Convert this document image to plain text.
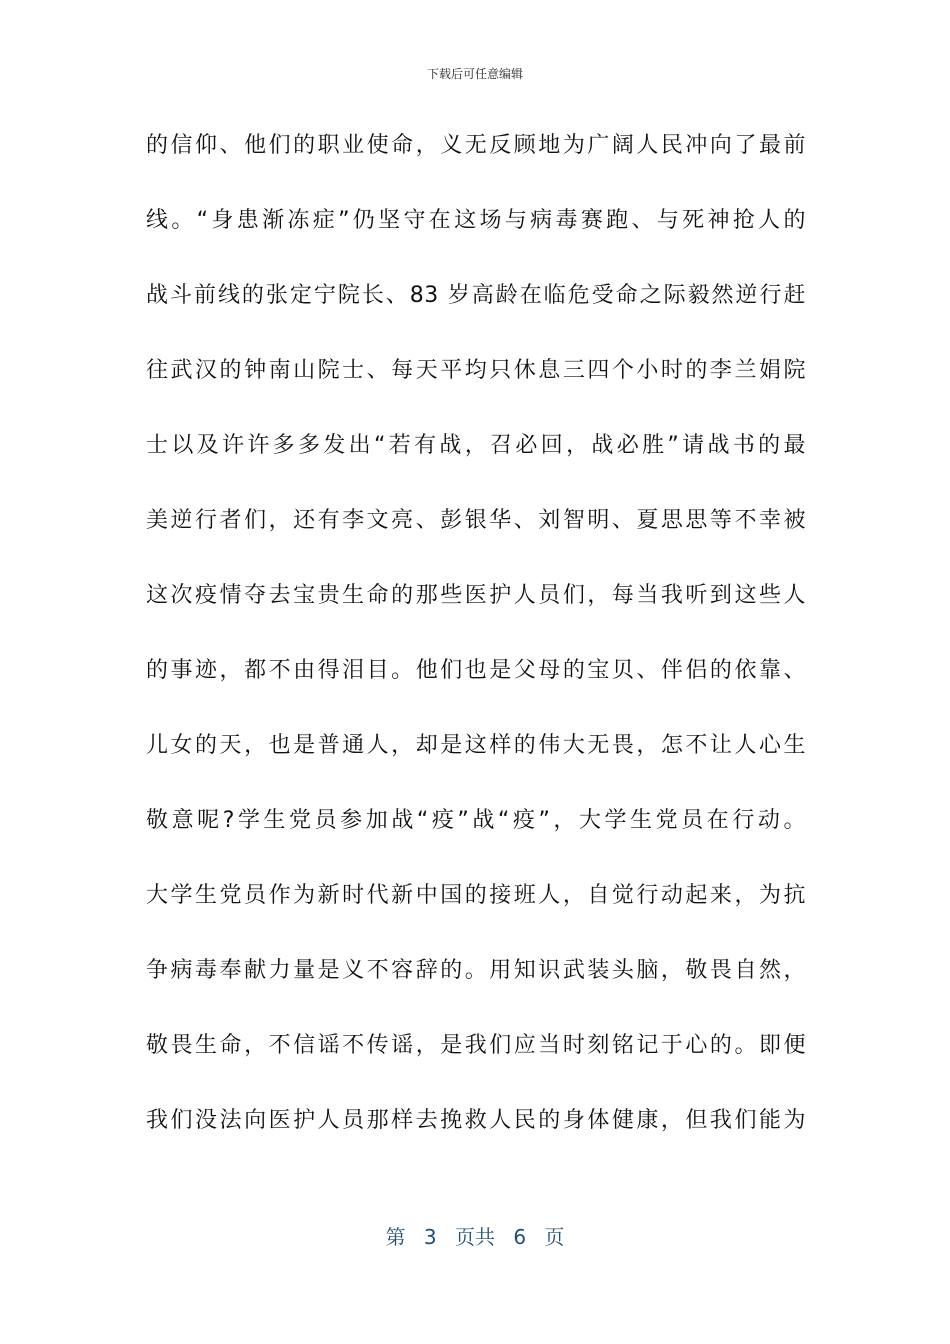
下载后可任意编辑
的信仰、他们的职业使命，义无反顾地为广阔人民冲向了最前
线。“身患渐冻症”仍坚守在这场与病毒赛跑、与死神抢人的
战斗前线的张定宁院长、83 岁高龄在临危受命之际毅然逆行赶
往武汉的钟南山院士、每天平均只休息三四个小时的李兰娟院
士以及许许多多发出“若有战，召必回，战必胜”请战书的最
美逆行者们，还有李文亮、彭银华、刘智明、夏思思等不幸被
这次疫情夺去宝贵生命的那些医护人员们，每当我听到这些人
的事迹，都不由得泪目。他们也是父母的宝贝、伴侣的依靠、
儿女的天，也是普通人，却是这样的伟大无畏，怎不让人心生
敬意呢?学生党员参加战“疫”战“疫”，大学生党员在行动。
大学生党员作为新时代新中国的接班人，自觉行动起来，为抗
争病毒奉献力量是义不容辞的。用知识武装头脑，敬畏自然，
敬畏生命，不信谣不传谣，是我们应当时刻铭记于心的。即便
我们没法向医护人员那样去挽救人民的身体健康，但我们能为
第 3 页共 6 页
